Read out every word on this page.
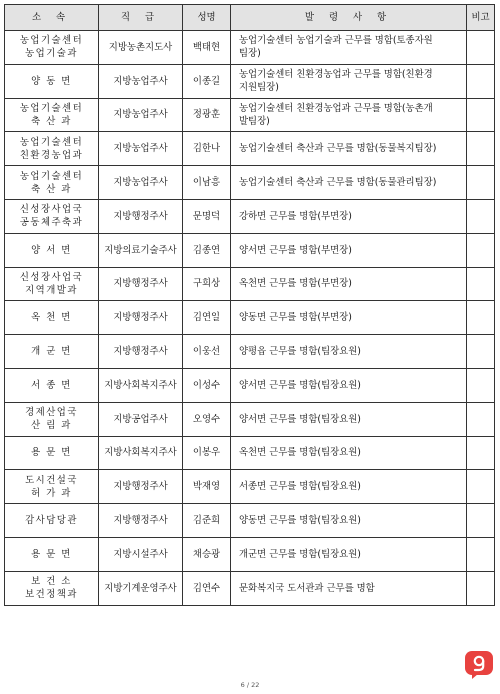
소 속	직 급	성명	발 령 사 항	비고
농업기술센터
농업기술과	지방농촌지도사	백태현	농업기술센터 농업기술과 근무를 명함(토종자원
팀장)	
양 동 면	지방농업주사	이종길	농업기술센터 친환경농업과 근무를 명함(친환경
지원팀장)	
농업기술센터
축 산 과	지방농업주사	정광훈	농업기술센터 친환경농업과 근무를 명함(농촌개
발팀장)	
농업기술센터
친환경농업과	지방농업주사	김한나	농업기술센터 축산과 근무를 명함(동물복지팀장)	
농업기술센터
축 산 과	지방농업주사	이남흥	농업기술센터 축산과 근무를 명함(동물관리팀장)	
신성장사업국
공동체주축과	지방행정주사	문명덕	강하면 근무를 명함(부면장)	
양 서 면	지방의료기술주사	김종연	양서면 근무를 명함(부면장)	
신성장사업국
지역개발과	지방행정주사	구희상	옥천면 근무를 명함(부면장)	
옥 천 면	지방행정주사	김연일	양동면 근무를 명함(부면장)	
개 군 면	지방행정주사	이웅선	양평읍 근무를 명함(팀장요원)	
서 종 면	지방사회복지주사	이성수	양서면 근무를 명함(팀장요원)	
경제산업국
산 림 과	지방공업주사	오영수	양서면 근무를 명함(팀장요원)	
용 문 면	지방사회복지주사	이봉우	옥천면 근무를 명함(팀장요원)	
도시건설국
허 가 과	지방행정주사	박재영	서종면 근무를 명함(팀장요원)	
감사담당관	지방행정주사	김준희	양동면 근무를 명함(팀장요원)	
용 문 면	지방시설주사	채승광	개군면 근무를 명함(팀장요원)	
보 건 소
보건정책과	지방기계운영주사	김연수	문화복지국 도서관과 근무를 명함	
6 / 22
